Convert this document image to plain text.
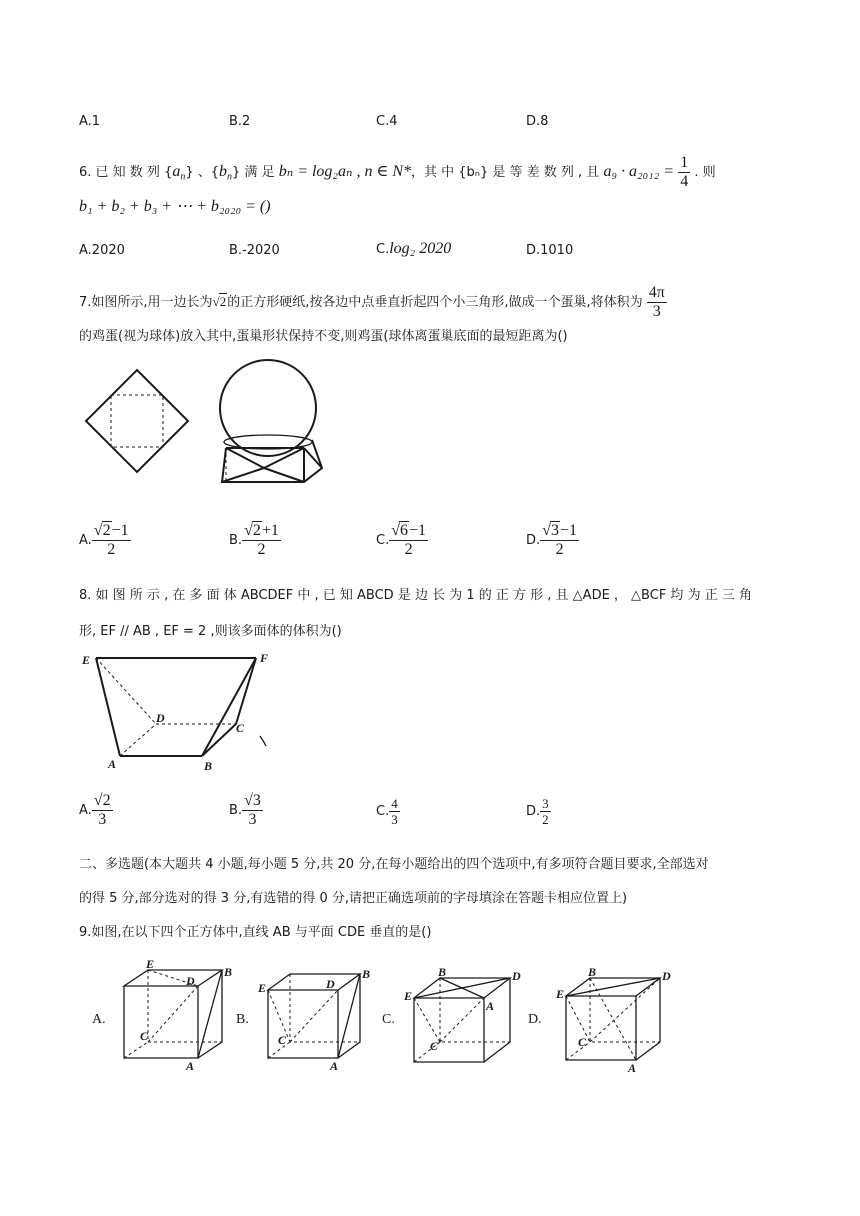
A.1	B.2	C.4	D.8
6. 已 知 数 列 $\{a_n\}$ 、$\{b_n\}$ 满 足 bₙ = log₂aₙ , n ∈ N*，其 中 {bₙ} 是 等 差 数 列 , 且 $a_9 \cdot a_{2012} = \frac{1}{4}$ . 则
b₁ + b₂ + b₃ + ⋯ + b₂₀₂₀ = ()
A.2020	B.-2020	C.log₂ 2020	D.1010
7.如图所示,用一边长为√2的正方形硬纸,按各边中点垂直折起四个小三角形,做成一个蛋巢,将体积为 $\frac{4\pi}{3}$
的鸡蛋(视为球体)放入其中,蛋巢形状保持不变,则鸡蛋(球体离蛋巢底面的最短距离为()
A. $\frac{√2-1}{2}$	B. $\frac{√2+1}{2}$	C. $\frac{√6-1}{2}$	D. $\frac{√3-1}{2}$
8. 如 图 所 示 , 在 多 面 体 ABCDEF 中 , 已 知 ABCD 是 边 长 为 1 的 正 方 形 , 且 △ADE ， △BCF 均 为 正 三 角
形, EF // AB , EF = 2 ,则该多面体的体积为()
E	F
D
C
A	B
A. $\frac{√2}{3}$	B. $\frac{√3}{3}$	C. $\frac{4}{3}$	D. $\frac{3}{2}$
二、多选题(本大题共 4 小题,每小题 5 分,共 20 分,在每小题给出的四个选项中,有多项符合题目要求,全部选对
的得 5 分,部分选对的得 3 分,有选错的得 0 分,请把正确选项前的字母填涂在答题卡相应位置上)
9.如图,在以下四个正方体中,直线 AB 与平面 CDE 垂直的是()
A.
E
B
D
C
A
B.
E
B
D
C
A
C.
B	D
E
A
C
D.
B	D
E
C
A
